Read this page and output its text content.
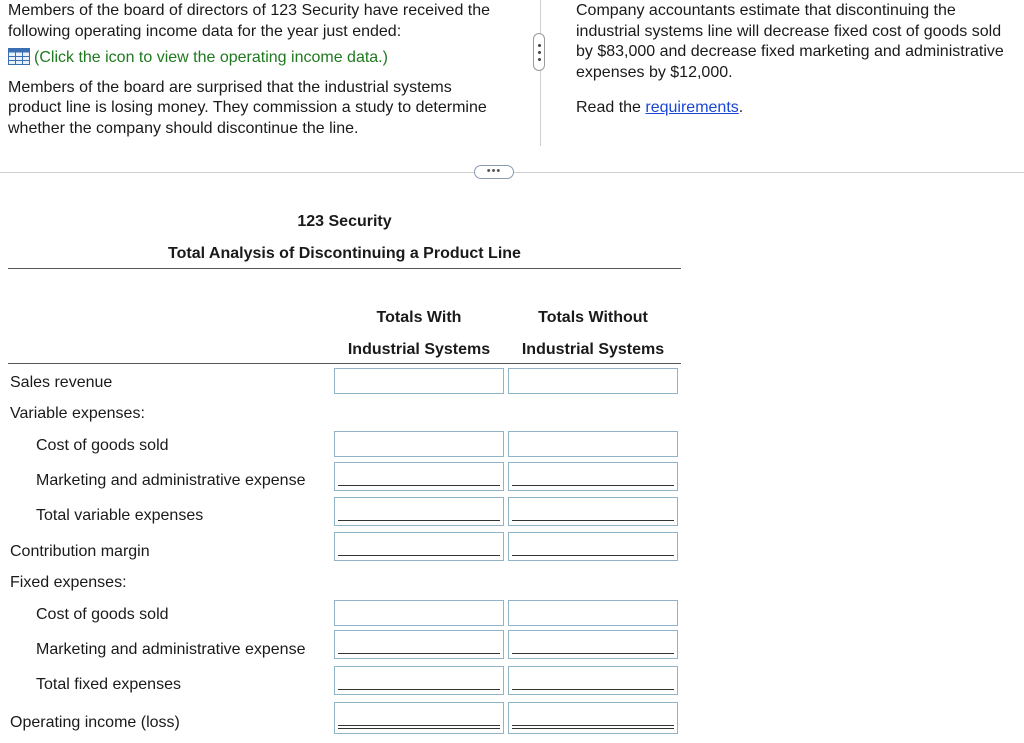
Members of the board of directors of 123 Security have received the
following operating income data for the year just ended:
(Click the icon to view the operating income data.)
Members of the board are surprised that the industrial systems
product line is losing money. They commission a study to determine
whether the company should discontinue the line.
Company accountants estimate that discontinuing the
industrial systems line will decrease fixed cost of goods sold
by $83,000 and decrease fixed marketing and administrative
expenses by $12,000.
Read the requirements.
•••
123 Security
Total Analysis of Discontinuing a Product Line
Totals With
Industrial Systems
Totals Without
Industrial Systems
Sales revenue
Variable expenses:
Cost of goods sold
Marketing and administrative expense
Total variable expenses
Contribution margin
Fixed expenses:
Cost of goods sold
Marketing and administrative expense
Total fixed expenses
Operating income (loss)
